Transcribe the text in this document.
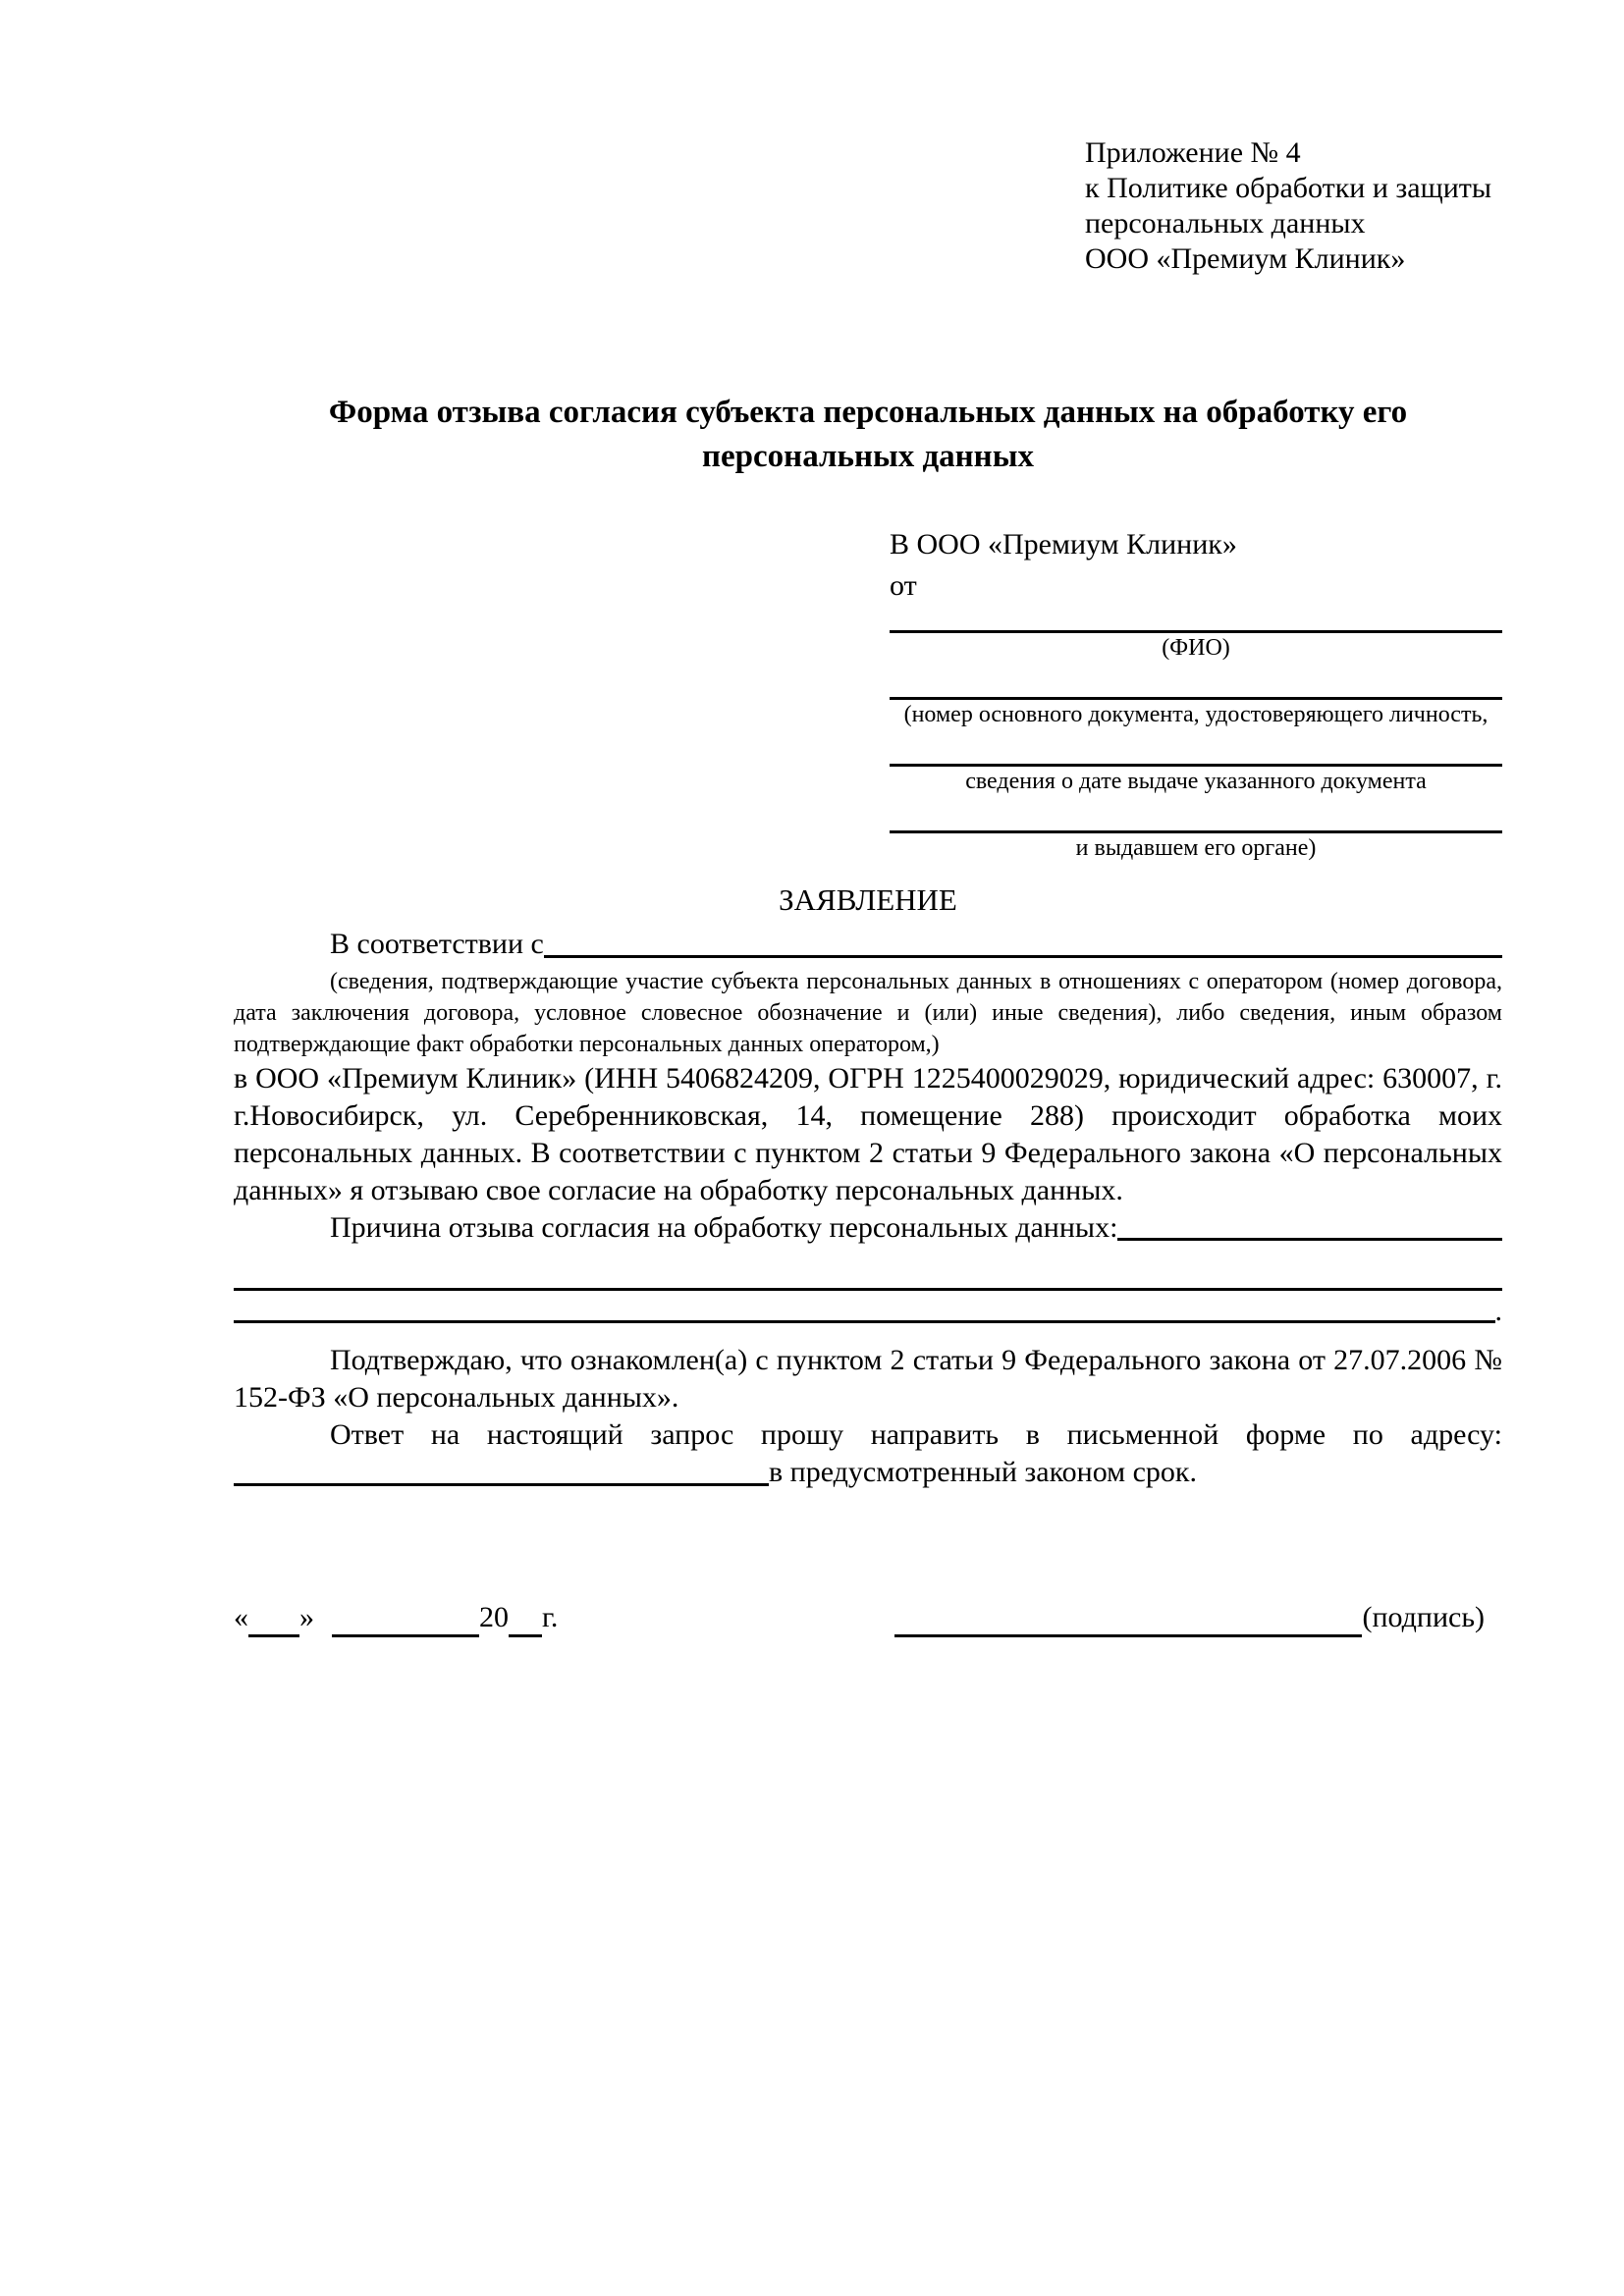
Приложение № 4
к Политике обработки и защиты
персональных данных
ООО «Премиум Клиник»
Форма отзыва согласия субъекта персональных данных на обработку его персональных данных
В ООО «Премиум Клиник»
от
(ФИО)
(номер основного документа, удостоверяющего личность,
сведения о дате выдаче указанного документа
и выдавшем его органе)
ЗАЯВЛЕНИЕ
В соответствии с
(сведения, подтверждающие участие субъекта персональных данных в отношениях с оператором (номер договора, дата заключения договора, условное словесное обозначение и (или) иные сведения), либо сведения, иным образом подтверждающие факт обработки персональных данных оператором,)
в ООО «Премиум Клиник» (ИНН 5406824209, ОГРН 1225400029029, юридический адрес: 630007, г. г.Новосибирск, ул. Серебренниковская, 14, помещение 288) происходит обработка моих персональных данных. В соответствии с пунктом 2 статьи 9 Федерального закона «О персональных данных» я отзываю свое согласие на обработку персональных данных.
Причина отзыва согласия на обработку персональных данных:
.
Подтверждаю, что ознакомлен(а) с пунктом 2 статьи 9 Федерального закона от 27.07.2006 № 152-ФЗ «О персональных данных».
Ответ на настоящий запрос прошу направить в письменной форме по адресу:
в предусмотренный законом срок.
« »	20 г.	(подпись)
